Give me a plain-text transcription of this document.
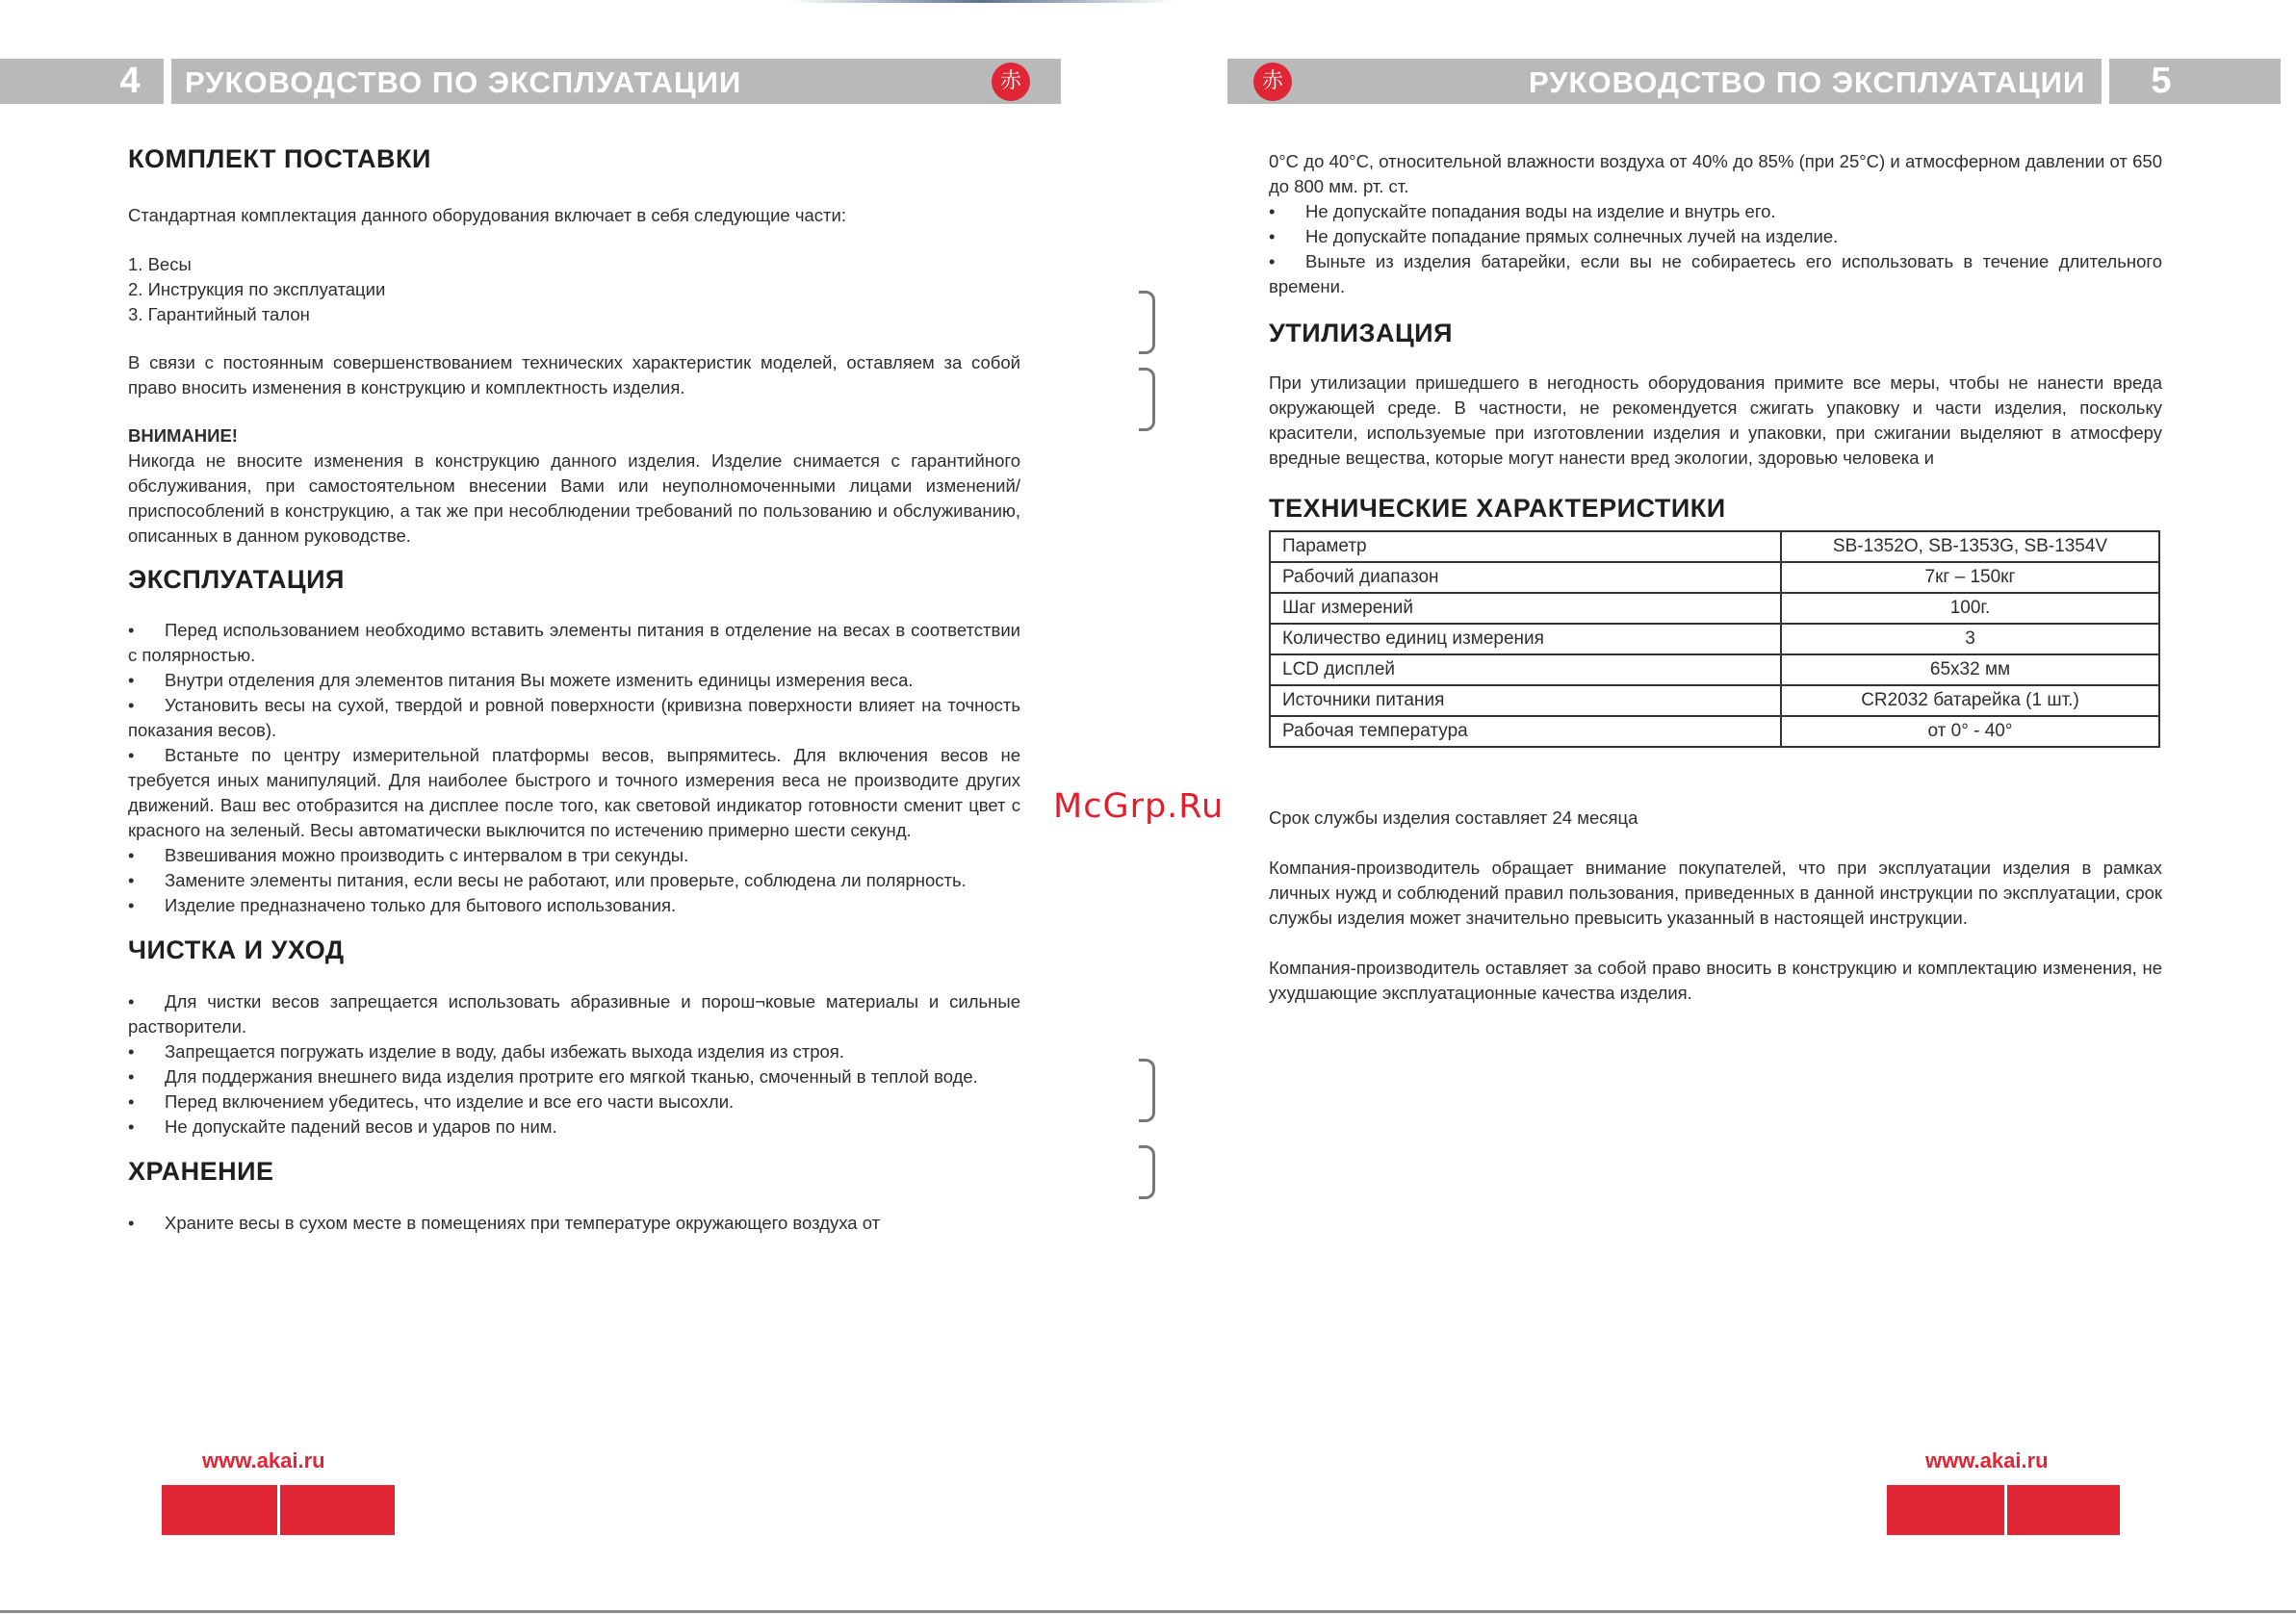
4	РУКОВОДСТВО ПО ЭКСПЛУАТАЦИИ	赤	РУКОВОДСТВО ПО ЭКСПЛУАТАЦИИ	5
赤
КОМПЛЕКТ ПОСТАВКИ

Стандартная комплектация данного оборудования включает в себя следующие части:

1. Весы
2. Инструкция по эксплуатации
3. Гарантийный талон

В связи с постоянным совершенствованием технических характеристик моделей, оставляем за собой право вносить изменения в конструкцию и комплектность изделия.

ВНИМАНИЕ!

Никогда не вносите изменения в конструкцию данного изделия. Изделие снимается с гарантийного обслуживания, при самостоятельном внесении Вами или неуполномоченными лицами изменений/приспособлений в конструкцию, а так же при несоблюдении требований по пользованию и обслуживанию, описанных в данном руководстве.

ЭКСПЛУАТАЦИЯ
• Перед использованием необходимо вставить элементы питания в отделение на весах в соответствии с полярностью.
• Внутри отделения для элементов питания Вы можете изменить единицы измерения веса.
• Установить весы на сухой, твердой и ровной поверхности (кривизна поверхности влияет на точность показания весов).
• Встаньте по центру измерительной платформы весов, выпрямитесь. Для включения весов не требуется иных манипуляций. Для наиболее быстрого и точного измерения веса не производите других движений. Ваш вес отобразится на дисплее после того, как световой индикатор готовности сменит цвет с красного на зеленый. Весы автоматически выключится по истечению примерно шести секунд.
• Взвешивания можно производить с интервалом в три секунды.
• Замените элементы питания, если весы не работают, или проверьте, соблюдена ли полярность.
• Изделие предназначено только для бытового использования.
ЧИСТКА И УХОД
• Для чистки весов запрещается использовать абразивные и порош¬ковые материалы и сильные растворители.
• Запрещается погружать изделие в воду, дабы избежать выхода изделия из строя.
• Для поддержания внешнего вида изделия протрите его мягкой тканью, смоченный в теплой воде.
• Перед включением убедитесь, что изделие и все его части высохли.
• Не допускайте падений весов и ударов по ним.
ХРАНЕНИЕ
• Храните весы в сухом месте в помещениях при температуре окружающего воздуха от

0°С до 40°С, относительной влажности воздуха от 40% до 85% (при 25°С) и атмосферном давлении от 650 до 800 мм. рт. ст.

• Не допускайте попадания воды на изделие и внутрь его.
• Не допускайте попадание прямых солнечных лучей на изделие.
• Выньте из изделия батарейки, если вы не собираетесь его использовать в течение длительного времени.
УТИЛИЗАЦИЯ

При утилизации пришедшего в негодность оборудования примите все меры, чтобы не нанести вреда окружающей среде. В частности, не рекомендуется сжигать упаковку и части изделия, поскольку красители, используемые при изготовлении изделия и упаковки, при сжигании выделяют в атмосферу вредные вещества, которые могут нанести вред экологии, здоровью человека и

ТЕХНИЧЕСКИЕ ХАРАКТЕРИСТИКИ
Параметр	SB-1352O, SB-1353G, SB-1354V
Рабочий диапазон	7кг – 150кг
Шаг измерений	100г.
Количество единиц измерения	3
LCD дисплей	65x32 мм
Источники питания	CR2032 батарейка (1 шт.)
Рабочая температура	от 0° - 40°

Срок службы изделия составляет 24 месяца

Компания-производитель обращает внимание покупателей, что при эксплуатации изделия в рамках личных нужд и соблюдений правил пользования, приведенных в данной инструкции по эксплуатации, срок службы изделия может значительно превысить указанный в настоящей инструкции.

Компания-производитель оставляет за собой право вносить в конструкцию и комплектацию изменения, не ухудшающие эксплуатационные качества изделия.

McGrp.Ru
www.akai.ru	www.akai.ru
